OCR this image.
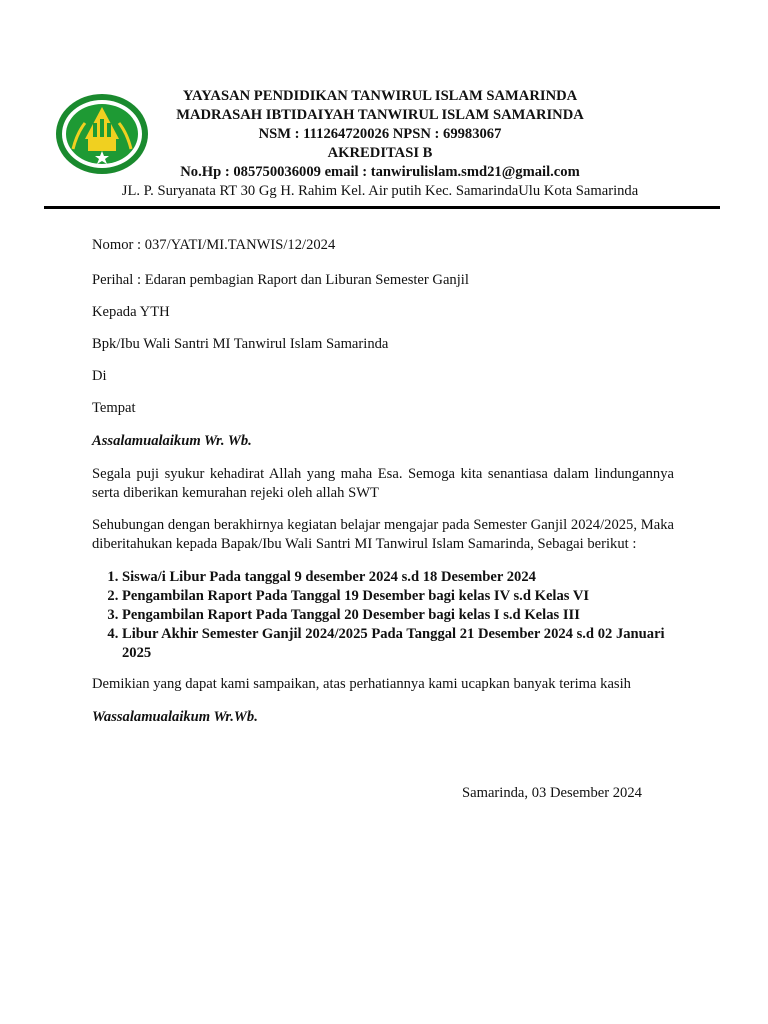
YAYASAN PENDIDIKAN TANWIRUL ISLAM SAMARINDA
MADRASAH IBTIDAIYAH TANWIRUL ISLAM SAMARINDA
NSM : 111264720026 NPSN : 69983067
AKREDITASI B
No.Hp : 085750036009 email : tanwirulislam.smd21@gmail.com
JL. P. Suryanata RT 30 Gg H. Rahim Kel. Air putih Kec. SamarindaUlu Kota Samarinda

Nomor : 037/YATI/MI.TANWIS/12/2024

Perihal : Edaran pembagian Raport dan Liburan Semester Ganjil

Kepada YTH

Bpk/Ibu Wali Santri MI Tanwirul Islam Samarinda

Di

Tempat

Assalamualaikum Wr. Wb.

Segala puji syukur kehadirat Allah yang maha Esa. Semoga kita senantiasa dalam lindungannya serta diberikan kemurahan rejeki oleh allah SWT

Sehubungan dengan berakhirnya kegiatan belajar mengajar pada Semester Ganjil 2024/2025, Maka diberitahukan kepada Bapak/Ibu Wali Santri MI Tanwirul Islam Samarinda, Sebagai berikut :

1. Siswa/i Libur Pada tanggal 9 desember 2024 s.d 18 Desember 2024
2. Pengambilan Raport Pada Tanggal 19 Desember bagi kelas IV s.d Kelas VI
3. Pengambilan Raport Pada Tanggal 20 Desember bagi kelas I s.d Kelas III
4. Libur Akhir Semester Ganjil 2024/2025 Pada Tanggal 21 Desember 2024 s.d 02 Januari 2025

Demikian yang dapat kami sampaikan, atas perhatiannya kami ucapkan banyak terima kasih

Wassalamualaikum Wr.Wb.

Samarinda, 03 Desember 2024
